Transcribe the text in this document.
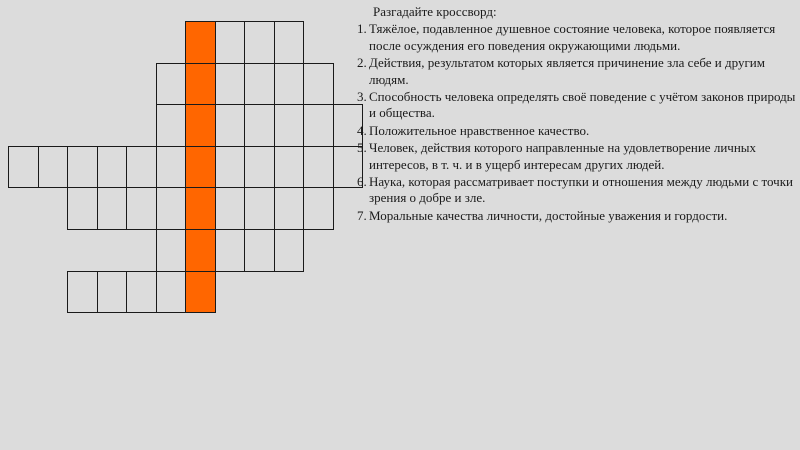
Разгадайте кроссворд:
1. Тяжёлое, подавленное душевное состояние человека, которое появляется после осуждения его поведения окружающими людьми.
2. Действия, результатом которых является причинение зла себе и другим людям.
3. Способность человека определять своё поведение с учётом законов природы и общества.
4. Положительное нравственное качество.
5. Человек, действия которого направленные на удовлетворение личных интересов, в т. ч. и в ущерб интересам других людей.
6. Наука, которая рассматривает поступки и отношения между людьми с точки зрения о добре и зле.
7. Моральные качества личности, достойные уважения и гордости.
